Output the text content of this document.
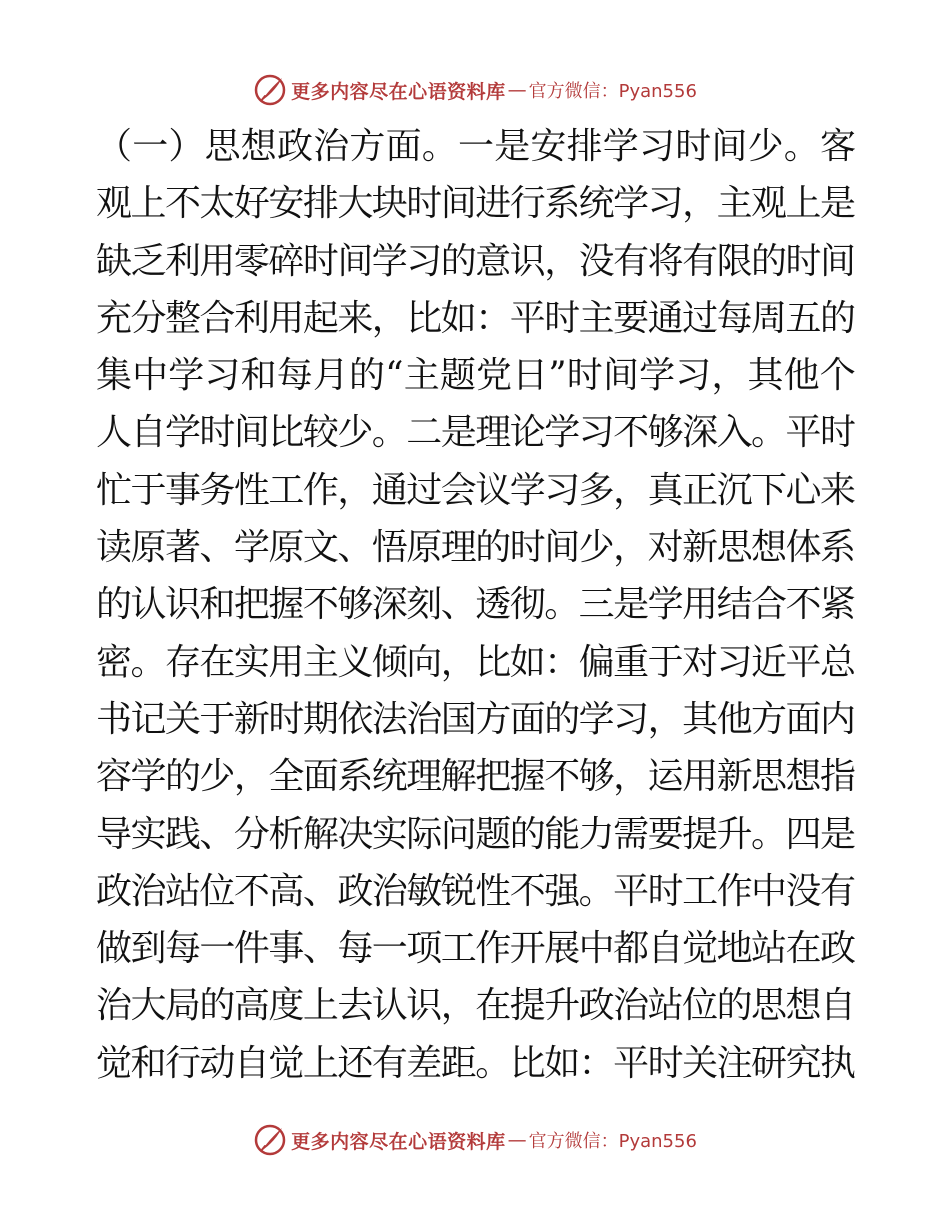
更多内容尽在心语资料库 — 官方微信：Pyan556
（一）思想政治方面。一是安排学习时间少。客
观上不太好安排大块时间进行系统学习，主观上是
缺乏利用零碎时间学习的意识，没有将有限的时间
充分整合利用起来，比如：平时主要通过每周五的
集中学习和每月的“主题党日”时间学习，其他个
人自学时间比较少。二是理论学习不够深入。平时
忙于事务性工作，通过会议学习多，真正沉下心来
读原著、学原文、悟原理的时间少，对新思想体系
的认识和把握不够深刻、透彻。三是学用结合不紧
密。存在实用主义倾向，比如：偏重于对习近平总
书记关于新时期依法治国方面的学习，其他方面内
容学的少，全面系统理解把握不够，运用新思想指
导实践、分析解决实际问题的能力需要提升。四是
政治站位不高、政治敏锐性不强。平时工作中没有
做到每一件事、每一项工作开展中都自觉地站在政
治大局的高度上去认识，在提升政治站位的思想自
觉和行动自觉上还有差距。比如：平时关注研究执
更多内容尽在心语资料库 — 官方微信：Pyan556
